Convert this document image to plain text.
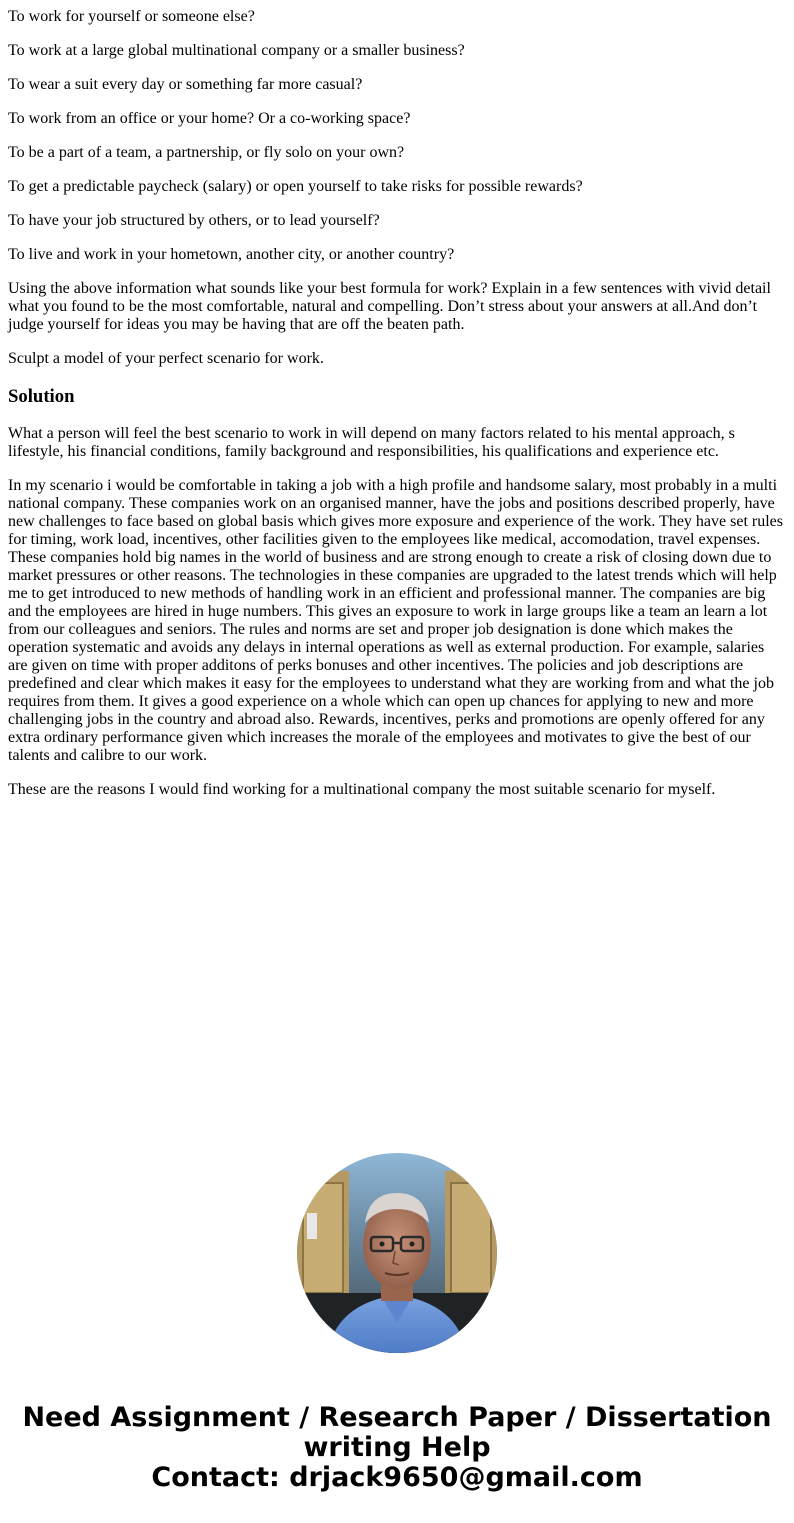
To work for yourself or someone else?

To work at a large global multinational company or a smaller business?

To wear a suit every day or something far more casual?

To work from an office or your home? Or a co-working space?

To be a part of a team, a partnership, or fly solo on your own?

To get a predictable paycheck (salary) or open yourself to take risks for possible rewards?

To have your job structured by others, or to lead yourself?

To live and work in your hometown, another city, or another country?

Using the above information what sounds like your best formula for work? Explain in a few sentences with vivid detail what you found to be the most comfortable, natural and compelling. Don’t stress about your answers at all.And don’t judge yourself for ideas you may be having that are off the beaten path.

Sculpt a model of your perfect scenario for work.

Solution

What a person will feel the best scenario to work in will depend on many factors related to his mental approach, s lifestyle, his financial conditions, family background and responsibilities, his qualifications and experience etc.

In my scenario i would be comfortable in taking a job with a high profile and handsome salary, most probably in a multi national company. These companies work on an organised manner, have the jobs and positions described properly, have new challenges to face based on global basis which gives more exposure and experience of the work. They have set rules for timing, work load, incentives, other facilities given to the employees like medical, accomodation, travel expenses. These companies hold big names in the world of business and are strong enough to create a risk of closing down due to market pressures or other reasons. The technologies in these companies are upgraded to the latest trends which will help me to get introduced to new methods of handling work in an efficient and professional manner. The companies are big and the employees are hired in huge numbers. This gives an exposure to work in large groups like a team an learn a lot from our colleagues and seniors. The rules and norms are set and proper job designation is done which makes the operation systematic and avoids any delays in internal operations as well as external production. For example, salaries are given on time with proper additons of perks bonuses and other incentives. The policies and job descriptions are predefined and clear which makes it easy for the employees to understand what they are working from and what the job requires from them. It gives a good experience on a whole which can open up chances for applying to new and more challenging jobs in the country and abroad also. Rewards, incentives, perks and promotions are openly offered for any extra ordinary performance given which increases the morale of the employees and motivates to give the best of our talents and calibre to our work.

These are the reasons I would find working for a multinational company the most suitable scenario for myself.

Need Assignment / Research Paper / Dissertation
writing Help
Contact: drjack9650@gmail.com
